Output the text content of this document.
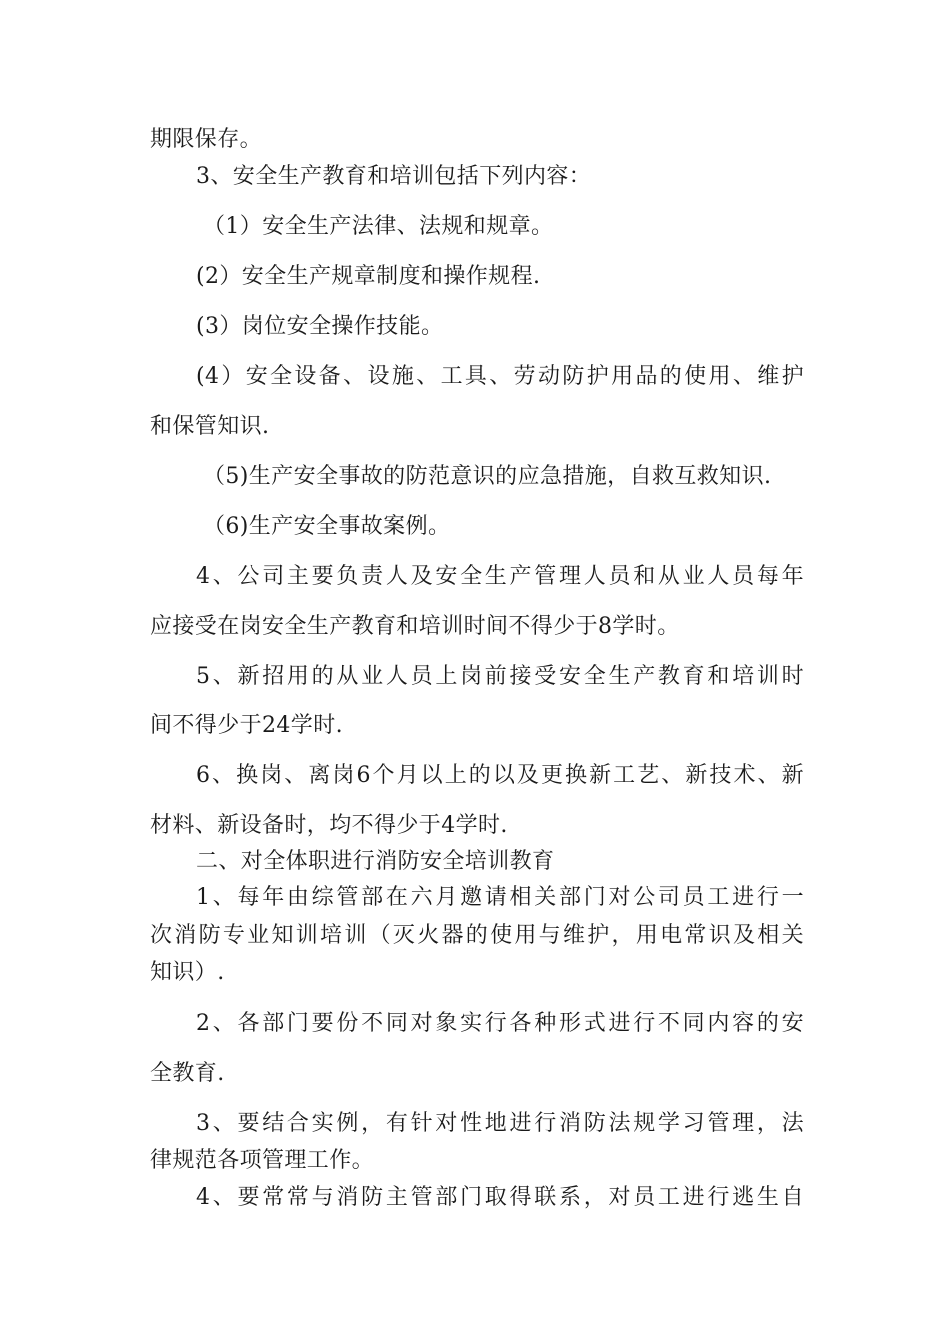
期限保存。
3、安全生产教育和培训包括下列内容：
（1）安全生产法律、法规和规章。
(2）安全生产规章制度和操作规程.
(3）岗位安全操作技能。
(4）安全设备、设施、工具、劳动防护用品的使用、维护
和保管知识.
（5)生产安全事故的防范意识的应急措施，自救互救知识.
（6)生产安全事故案例。
4、公司主要负责人及安全生产管理人员和从业人员每年
应接受在岗安全生产教育和培训时间不得少于8学时。
5、新招用的从业人员上岗前接受安全生产教育和培训时
间不得少于24学时.
6、换岗、离岗6个月以上的以及更换新工艺、新技术、新
材料、新设备时，均不得少于4学时.
二、对全体职进行消防安全培训教育
1、每年由综管部在六月邀请相关部门对公司员工进行一
次消防专业知训培训（灭火器的使用与维护，用电常识及相关
知识）.
2、各部门要份不同对象实行各种形式进行不同内容的安
全教育.
3、要结合实例，有针对性地进行消防法规学习管理，法
律规范各项管理工作。
4、要常常与消防主管部门取得联系，对员工进行逃生自
